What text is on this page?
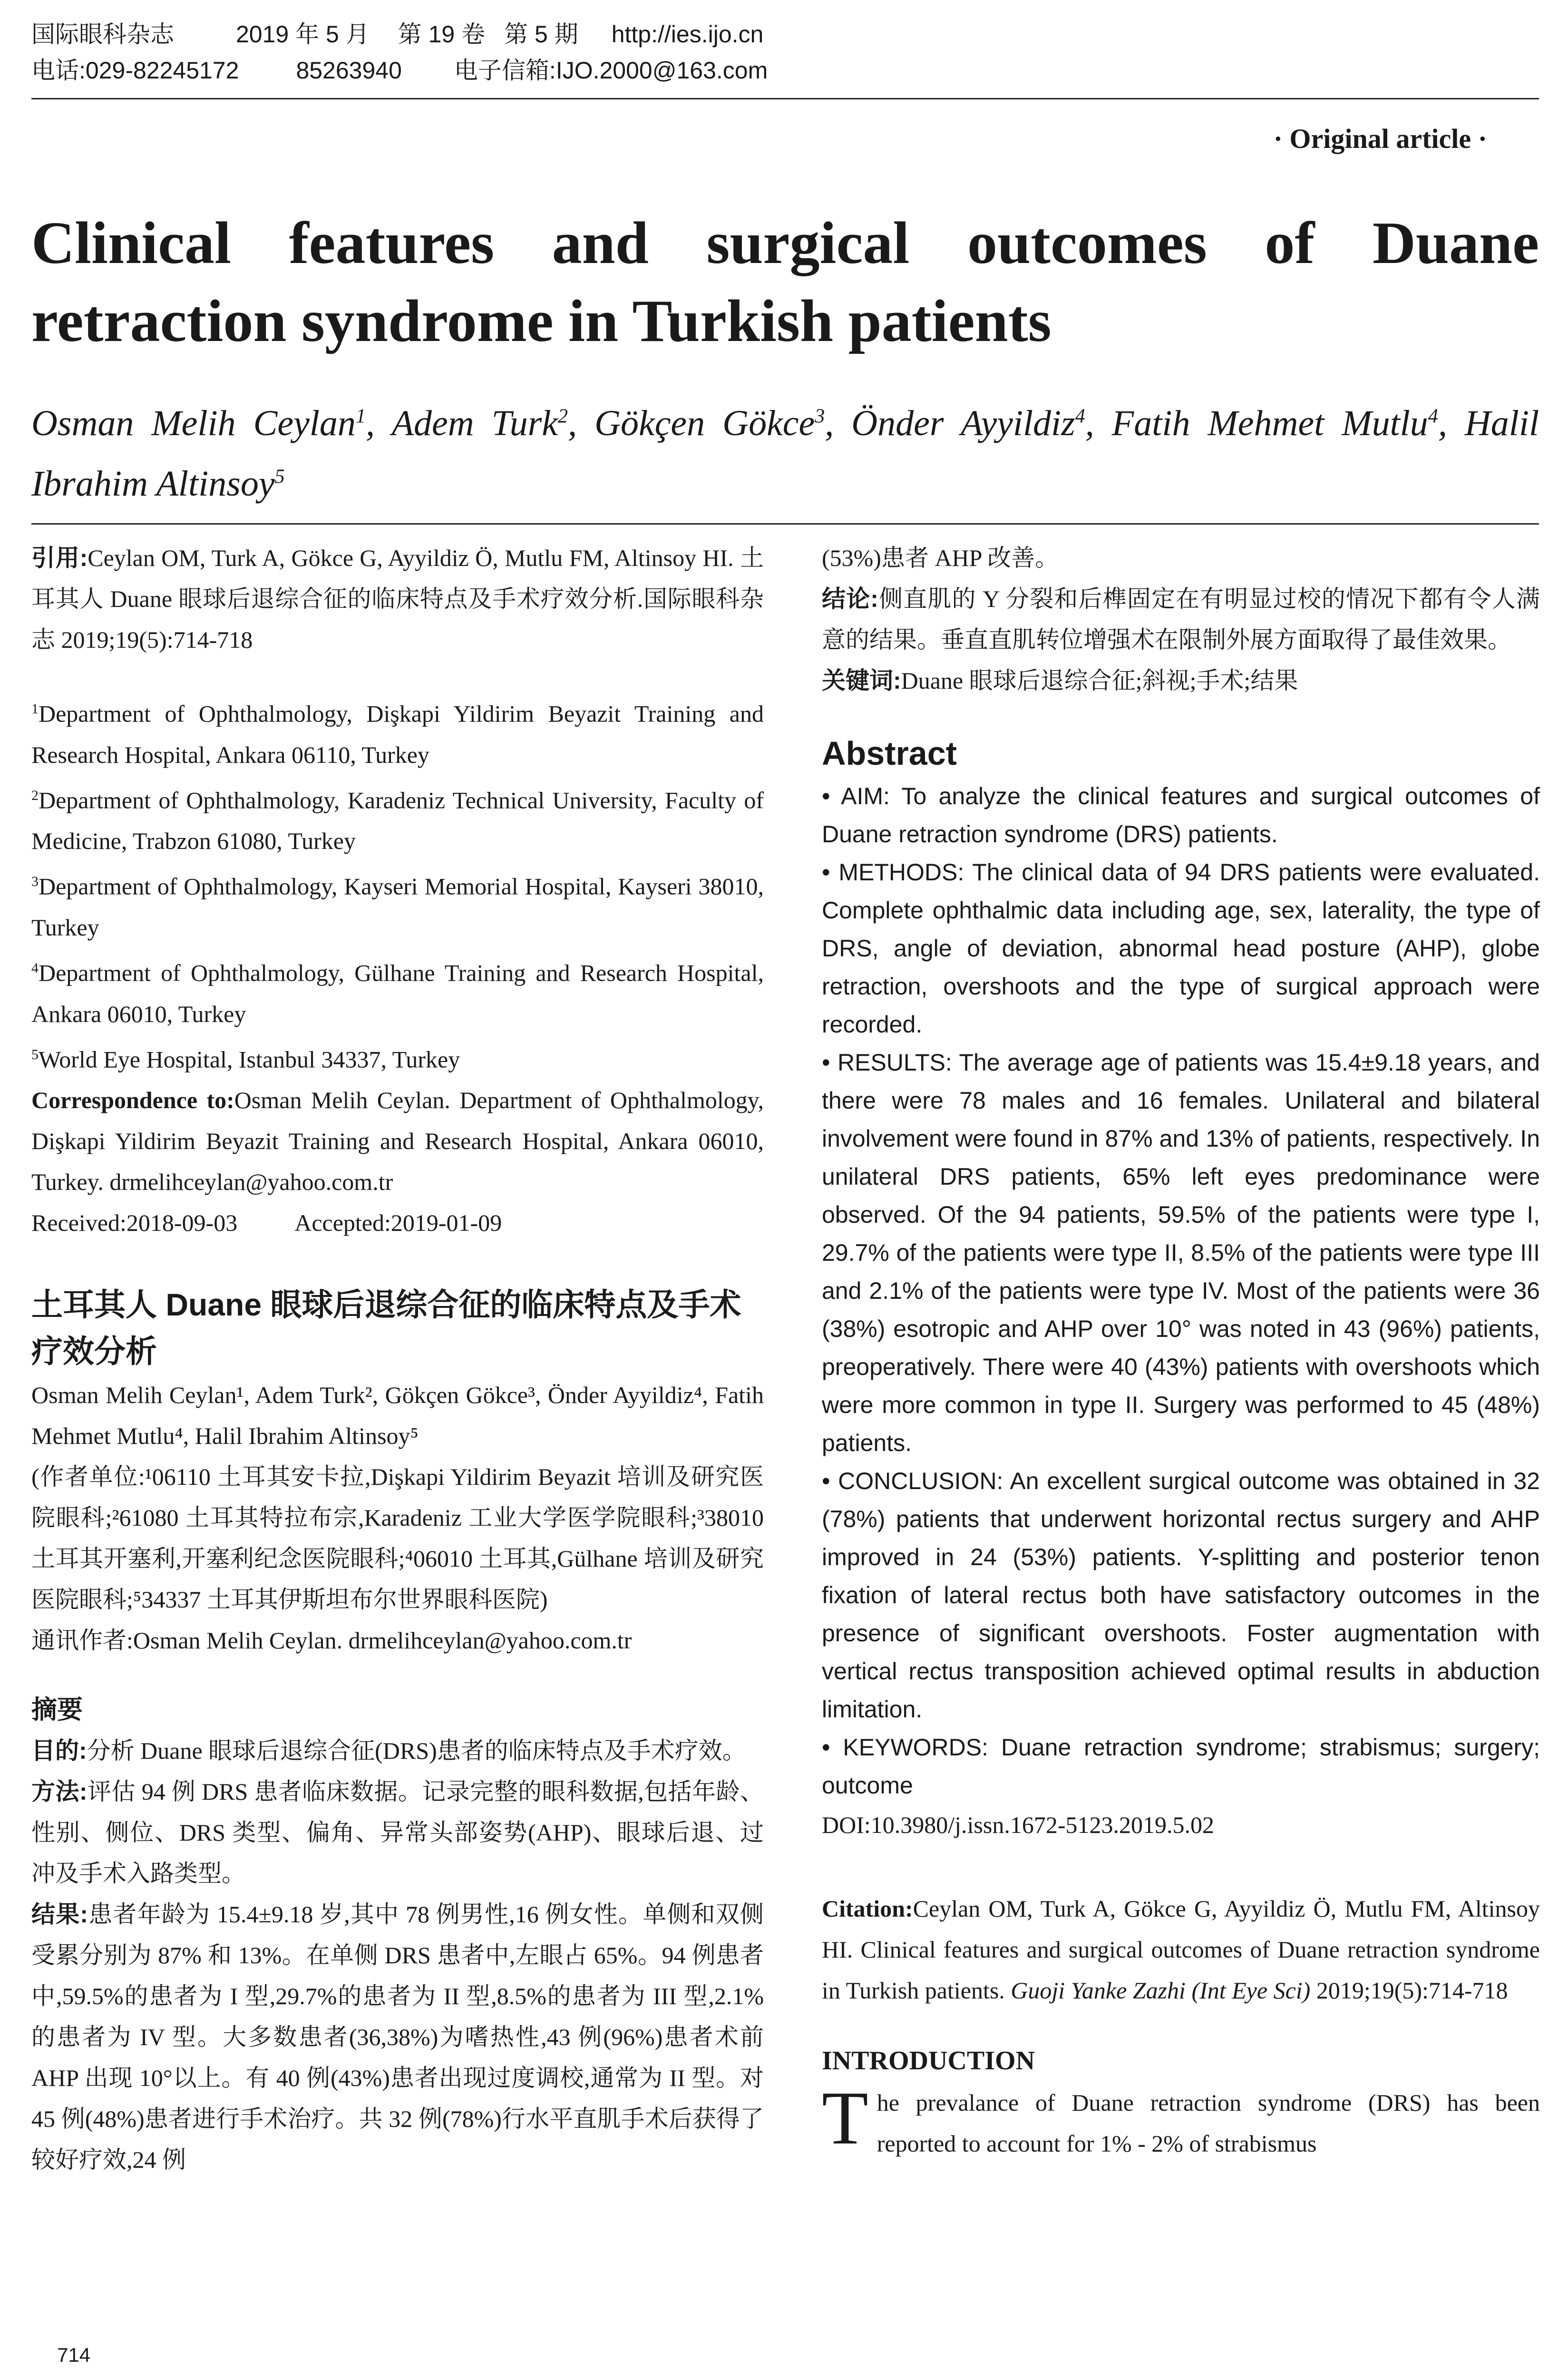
国际眼科杂志	2019 年 5 月 第 19 卷 第 5 期 http://ies.ijo.cn
电话:029-82245172 85263940 电子信箱:IJO.2000@163.com
· Original article ·
Clinical features and surgical outcomes of Duane retraction syndrome in Turkish patients
Osman Melih Ceylan$^1$, Adem Turk$^2$, Gökçen Gökce$^3$, Önder Ayyildiz$^4$, Fatih Mehmet Mutlu$^4$, Halil Ibrahim Altinsoy$^5$

引用:Ceylan OM, Turk A, Gökce G, Ayyildiz Ö, Mutlu FM, Altinsoy HI. 土耳其人 Duane 眼球后退综合征的临床特点及手术疗效分析.国际眼科杂志 2019;19(5):714-718

$^1$Department of Ophthalmology, Dişkapi Yildirim Beyazit Training and Research Hospital, Ankara 06110, Turkey

$^2$Department of Ophthalmology, Karadeniz Technical University, Faculty of Medicine, Trabzon 61080, Turkey

$^3$Department of Ophthalmology, Kayseri Memorial Hospital, Kayseri 38010, Turkey

$^4$Department of Ophthalmology, Gülhane Training and Research Hospital, Ankara 06010, Turkey

$^5$World Eye Hospital, Istanbul 34337, Turkey

Correspondence to:Osman Melih Ceylan. Department of Ophthalmology, Dişkapi Yildirim Beyazit Training and Research Hospital, Ankara 06010, Turkey. drmelihceylan@yahoo.com.tr

Received:2018-09-03 Accepted:2019-01-09

土耳其人 Duane 眼球后退综合征的临床特点及手术疗效分析

Osman Melih Ceylan¹, Adem Turk², Gökçen Gökce³, Önder Ayyildiz⁴, Fatih Mehmet Mutlu⁴, Halil Ibrahim Altinsoy⁵

(作者单位:¹06110 土耳其安卡拉,Dişkapi Yildirim Beyazit 培训及研究医院眼科;²61080 土耳其特拉布宗,Karadeniz 工业大学医学院眼科;³38010 土耳其开塞利,开塞利纪念医院眼科;⁴06010 土耳其,Gülhane 培训及研究医院眼科;⁵34337 土耳其伊斯坦布尔世界眼科医院)

通讯作者:Osman Melih Ceylan. drmelihceylan@yahoo.com.tr

摘要

目的:分析 Duane 眼球后退综合征(DRS)患者的临床特点及手术疗效。

方法:评估 94 例 DRS 患者临床数据。记录完整的眼科数据,包括年龄、性别、侧位、DRS 类型、偏角、异常头部姿势(AHP)、眼球后退、过冲及手术入路类型。

结果:患者年龄为 15.4±9.18 岁,其中 78 例男性,16 例女性。单侧和双侧受累分别为 87% 和 13%。在单侧 DRS 患者中,左眼占 65%。94 例患者中,59.5%的患者为 I 型,29.7%的患者为 II 型,8.5%的患者为 III 型,2.1%的患者为 IV 型。大多数患者(36,38%)为嗜热性,43 例(96%)患者术前 AHP 出现 10°以上。有 40 例(43%)患者出现过度调校,通常为 II 型。对 45 例(48%)患者进行手术治疗。共 32 例(78%)行水平直肌手术后获得了较好疗效,24 例

(53%)患者 AHP 改善。

结论:侧直肌的 Y 分裂和后榫固定在有明显过校的情况下都有令人满意的结果。垂直直肌转位增强术在限制外展方面取得了最佳效果。

关键词:Duane 眼球后退综合征;斜视;手术;结果

Abstract

• AIM: To analyze the clinical features and surgical outcomes of Duane retraction syndrome (DRS) patients.

• METHODS: The clinical data of 94 DRS patients were evaluated. Complete ophthalmic data including age, sex, laterality, the type of DRS, angle of deviation, abnormal head posture (AHP), globe retraction, overshoots and the type of surgical approach were recorded.

• RESULTS: The average age of patients was 15.4±9.18 years, and there were 78 males and 16 females. Unilateral and bilateral involvement were found in 87% and 13% of patients, respectively. In unilateral DRS patients, 65% left eyes predominance were observed. Of the 94 patients, 59.5% of the patients were type I, 29.7% of the patients were type II, 8.5% of the patients were type III and 2.1% of the patients were type IV. Most of the patients were 36 (38%) esotropic and AHP over 10° was noted in 43 (96%) patients, preoperatively. There were 40 (43%) patients with overshoots which were more common in type II. Surgery was performed to 45 (48%) patients.

• CONCLUSION: An excellent surgical outcome was obtained in 32 (78%) patients that underwent horizontal rectus surgery and AHP improved in 24 (53%) patients. Y-splitting and posterior tenon fixation of lateral rectus both have satisfactory outcomes in the presence of significant overshoots. Foster augmentation with vertical rectus transposition achieved optimal results in abduction limitation.

• KEYWORDS: Duane retraction syndrome; strabismus; surgery; outcome

DOI:10.3980/j.issn.1672-5123.2019.5.02

Citation:Ceylan OM, Turk A, Gökce G, Ayyildiz Ö, Mutlu FM, Altinsoy HI. Clinical features and surgical outcomes of Duane retraction syndrome in Turkish patients. Guoji Yanke Zazhi (Int Eye Sci) 2019;19(5):714-718

INTRODUCTION

T he prevalance of Duane retraction syndrome (DRS) has been reported to account for 1% - 2% of strabismus

714
